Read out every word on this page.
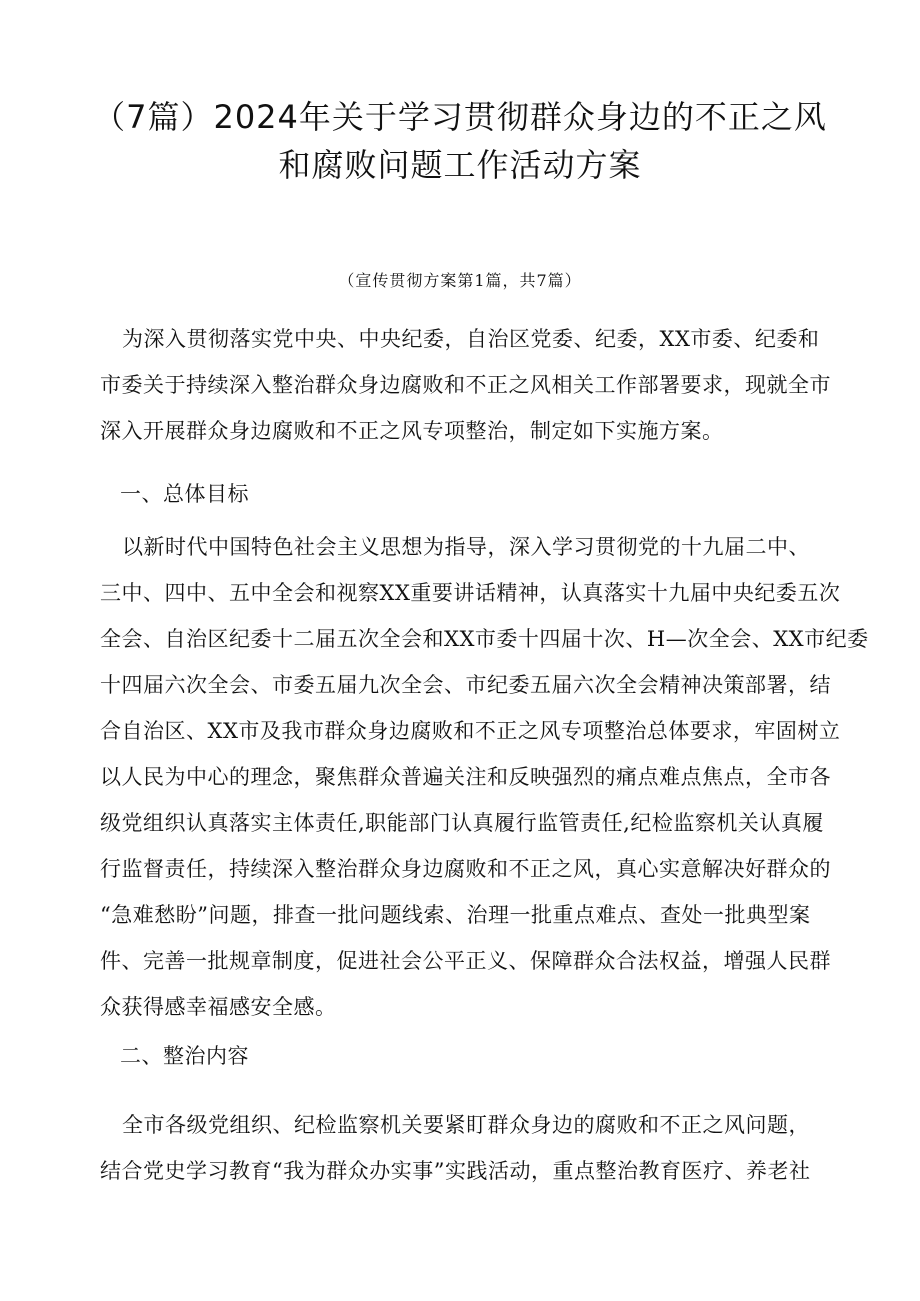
（7篇）2024年关于学习贯彻群众身边的不正之风
和腐败问题工作活动方案
（宣传贯彻方案第1篇，共7篇）
为深入贯彻落实党中央、中央纪委，自治区党委、纪委，XX市委、纪委和
市委关于持续深入整治群众身边腐败和不正之风相关工作部署要求，现就全市
深入开展群众身边腐败和不正之风专项整治，制定如下实施方案。
一、总体目标
以新时代中国特色社会主义思想为指导，深入学习贯彻党的十九届二中、
三中、四中、五中全会和视察XX重要讲话精神，认真落实十九届中央纪委五次
全会、自治区纪委十二届五次全会和XX市委十四届十次、H—次全会、XX市纪委
十四届六次全会、市委五届九次全会、市纪委五届六次全会精神决策部署，结
合自治区、XX市及我市群众身边腐败和不正之风专项整治总体要求，牢固树立
以人民为中心的理念，聚焦群众普遍关注和反映强烈的痛点难点焦点，全市各
级党组织认真落实主体责任,职能部门认真履行监管责任,纪检监察机关认真履
行监督责任，持续深入整治群众身边腐败和不正之风，真心实意解决好群众的
“急难愁盼”问题，排查一批问题线索、治理一批重点难点、查处一批典型案
件、完善一批规章制度，促进社会公平正义、保障群众合法权益，增强人民群
众获得感幸福感安全感。
二、整治内容
全市各级党组织、纪检监察机关要紧盯群众身边的腐败和不正之风问题，
结合党史学习教育“我为群众办实事”实践活动，重点整治教育医疗、养老社
